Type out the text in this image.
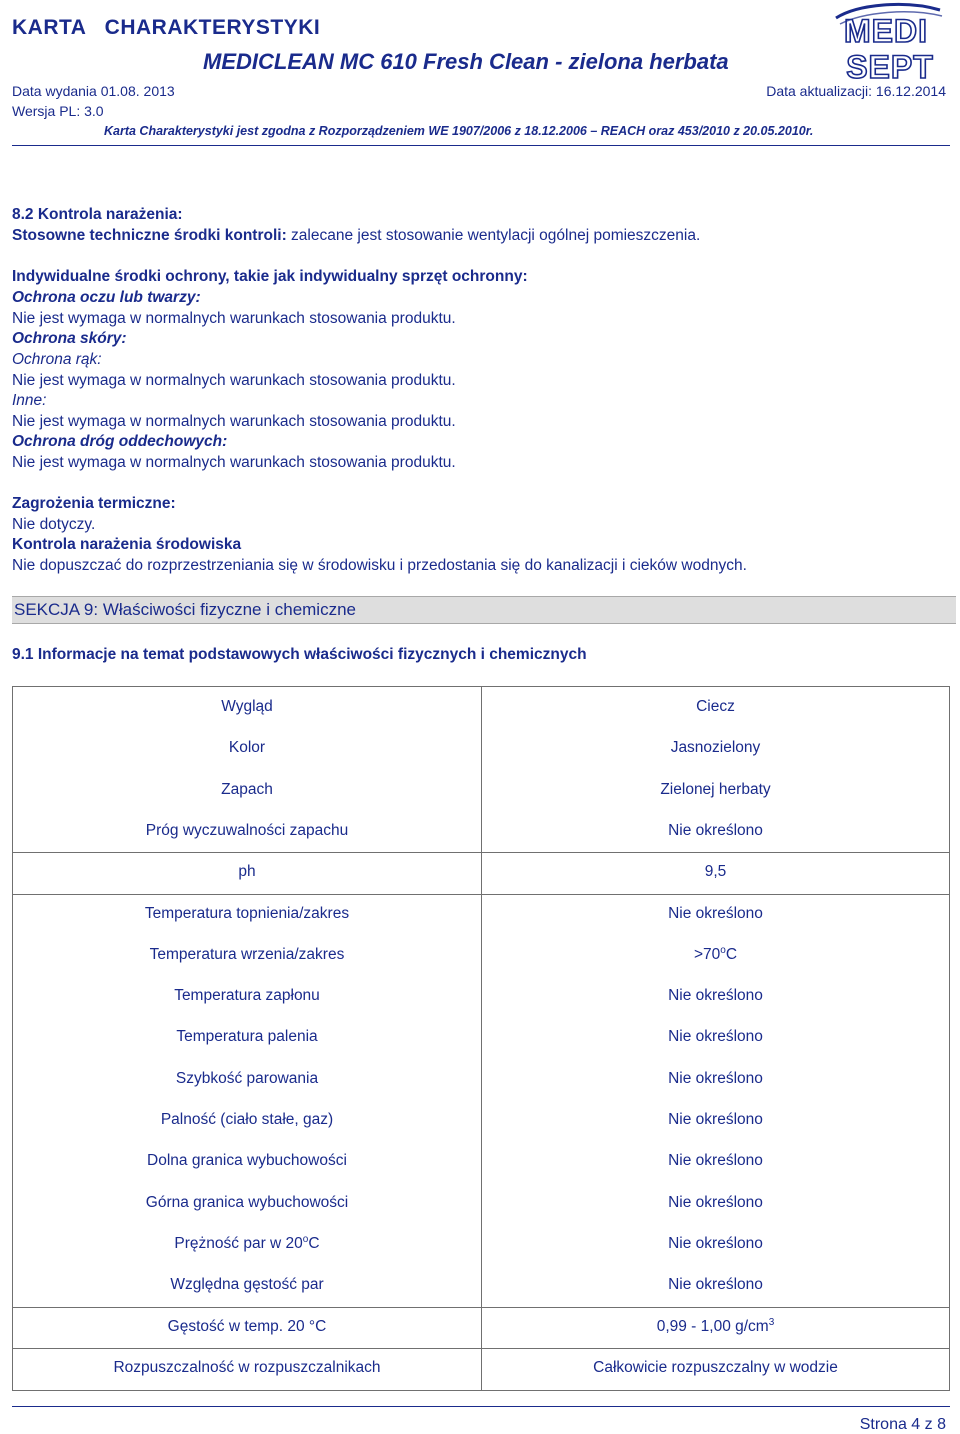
KARTA   CHARAKTERYSTYKI
MEDICLEAN MC 610 Fresh Clean - zielona herbata
Data wydania 01.08. 2013	Data aktualizacji: 16.12.2014
Wersja PL: 3.0
Karta Charakterystyki jest zgodna z Rozporządzeniem WE 1907/2006 z 18.12.2006 – REACH oraz 453/2010 z 20.05.2010r.
MEDI
SEPT
8.2 Kontrola narażenia:
Stosowne techniczne środki kontroli: zalecane jest stosowanie wentylacji ogólnej pomieszczenia.
Indywidualne środki ochrony, takie jak indywidualny sprzęt ochronny:
Ochrona oczu lub twarzy:
Nie jest wymaga w normalnych warunkach stosowania produktu.
Ochrona skóry:
Ochrona rąk:
Nie jest wymaga w normalnych warunkach stosowania produktu.
Inne:
Nie jest wymaga w normalnych warunkach stosowania produktu.
Ochrona dróg oddechowych:
Nie jest wymaga w normalnych warunkach stosowania produktu.
Zagrożenia termiczne:
Nie dotyczy.
Kontrola narażenia środowiska
Nie dopuszczać do rozprzestrzeniania się w środowisku i przedostania się do kanalizacji i cieków wodnych.
SEKCJA 9: Właściwości fizyczne i chemiczne
9.1 Informacje na temat podstawowych właściwości fizycznych i chemicznych
Wygląd	Ciecz
Kolor	Jasnozielony
Zapach	Zielonej herbaty
Próg wyczuwalności zapachu	Nie określono
ph	9,5
Temperatura topnienia/zakres	Nie określono
Temperatura wrzenia/zakres	$>70^oC$
Temperatura zapłonu	Nie określono
Temperatura palenia	Nie określono
Szybkość parowania	Nie określono
Palność (ciało stałe, gaz)	Nie określono
Dolna granica wybuchowości	Nie określono
Górna granica wybuchowości	Nie określono
Prężność par w 20$^o$C	Nie określono
Względna gęstość par	Nie określono
Gęstość w temp. 20 °C	0,99 - 1,00 $g/cm^3$
Rozpuszczalność w rozpuszczalnikach	Całkowicie rozpuszczalny w wodzie
Strona 4 z 8
